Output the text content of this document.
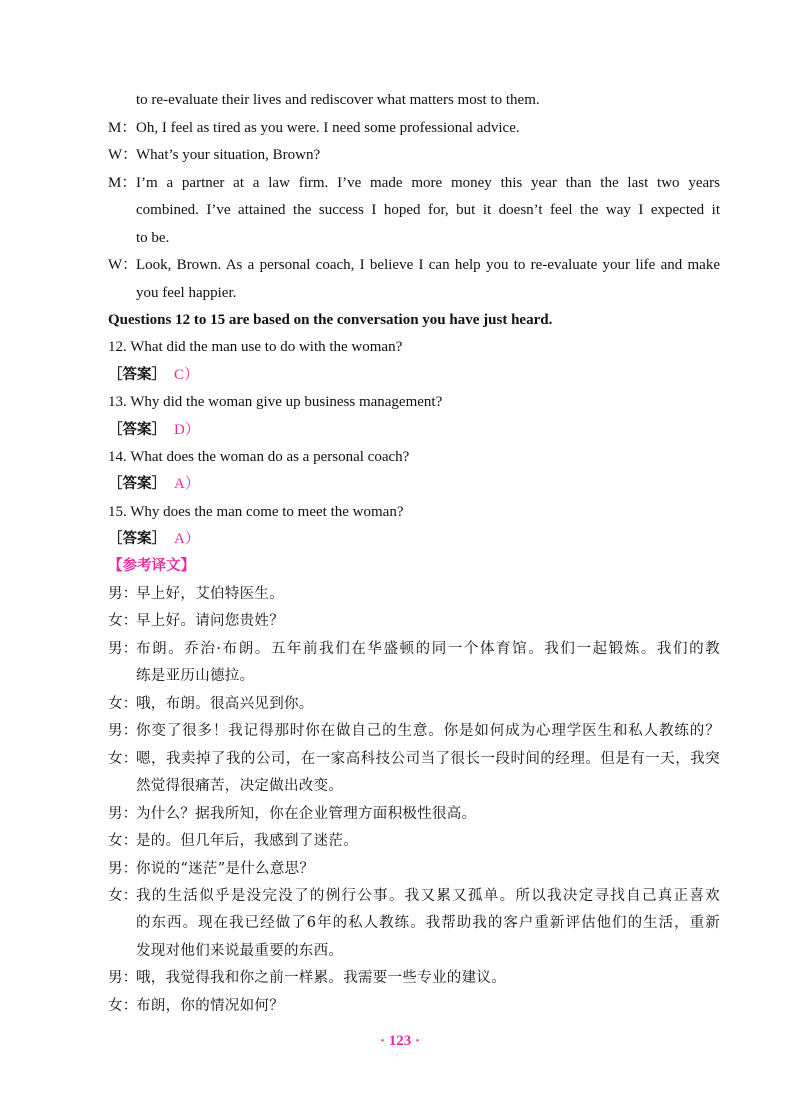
to re-evaluate their lives and rediscover what matters most to them.
M： Oh, I feel as tired as you were. I need some professional advice.
W：
What’s your situation, Brown?
M： I’m a partner at a law firm. I’ve made more money this year than the last two years
combined. I’ve attained the success I hoped for, but it doesn’t feel the way I expected it
to be.
W：
Look, Brown. As a personal coach, I believe I can help you to re-evaluate your life and make
you feel happier.
Questions 12 to 15 are based on the conversation you have just heard.
12. What did the man use to do with the woman?
［答案］ C）
13. Why did the woman give up business management?
［答案］ D）
14. What does the woman do as a personal coach?
［答案］ A）
15. Why does the man come to meet the woman?
［答案］ A）
【参考译文】
男：
早上好，艾伯特医生。
女：
早上好。请问您贵姓？
男：
布朗。乔治·布朗。五年前我们在华盛顿的同一个体育馆。我们一起锻炼。我们的教
练是亚历山德拉。
女：
哦，布朗。很高兴见到你。
男：
你变了很多！我记得那时你在做自己的生意。你是如何成为心理学医生和私人教练的？
女：
嗯，我卖掉了我的公司，在一家高科技公司当了很长一段时间的经理。但是有一天，我突
然觉得很痛苦，决定做出改变。
男：
为什么？据我所知，你在企业管理方面积极性很高。
女：
是的。但几年后，我感到了迷茫。
男：
你说的“迷茫”是什么意思？
女：
我的生活似乎是没完没了的例行公事。我又累又孤单。所以我决定寻找自己真正喜欢
的东西。现在我已经做了6年的私人教练。我帮助我的客户重新评估他们的生活，重新
发现对他们来说最重要的东西。
男：
哦，我觉得我和你之前一样累。我需要一些专业的建议。
女：
布朗，你的情况如何？
· 123 ·
